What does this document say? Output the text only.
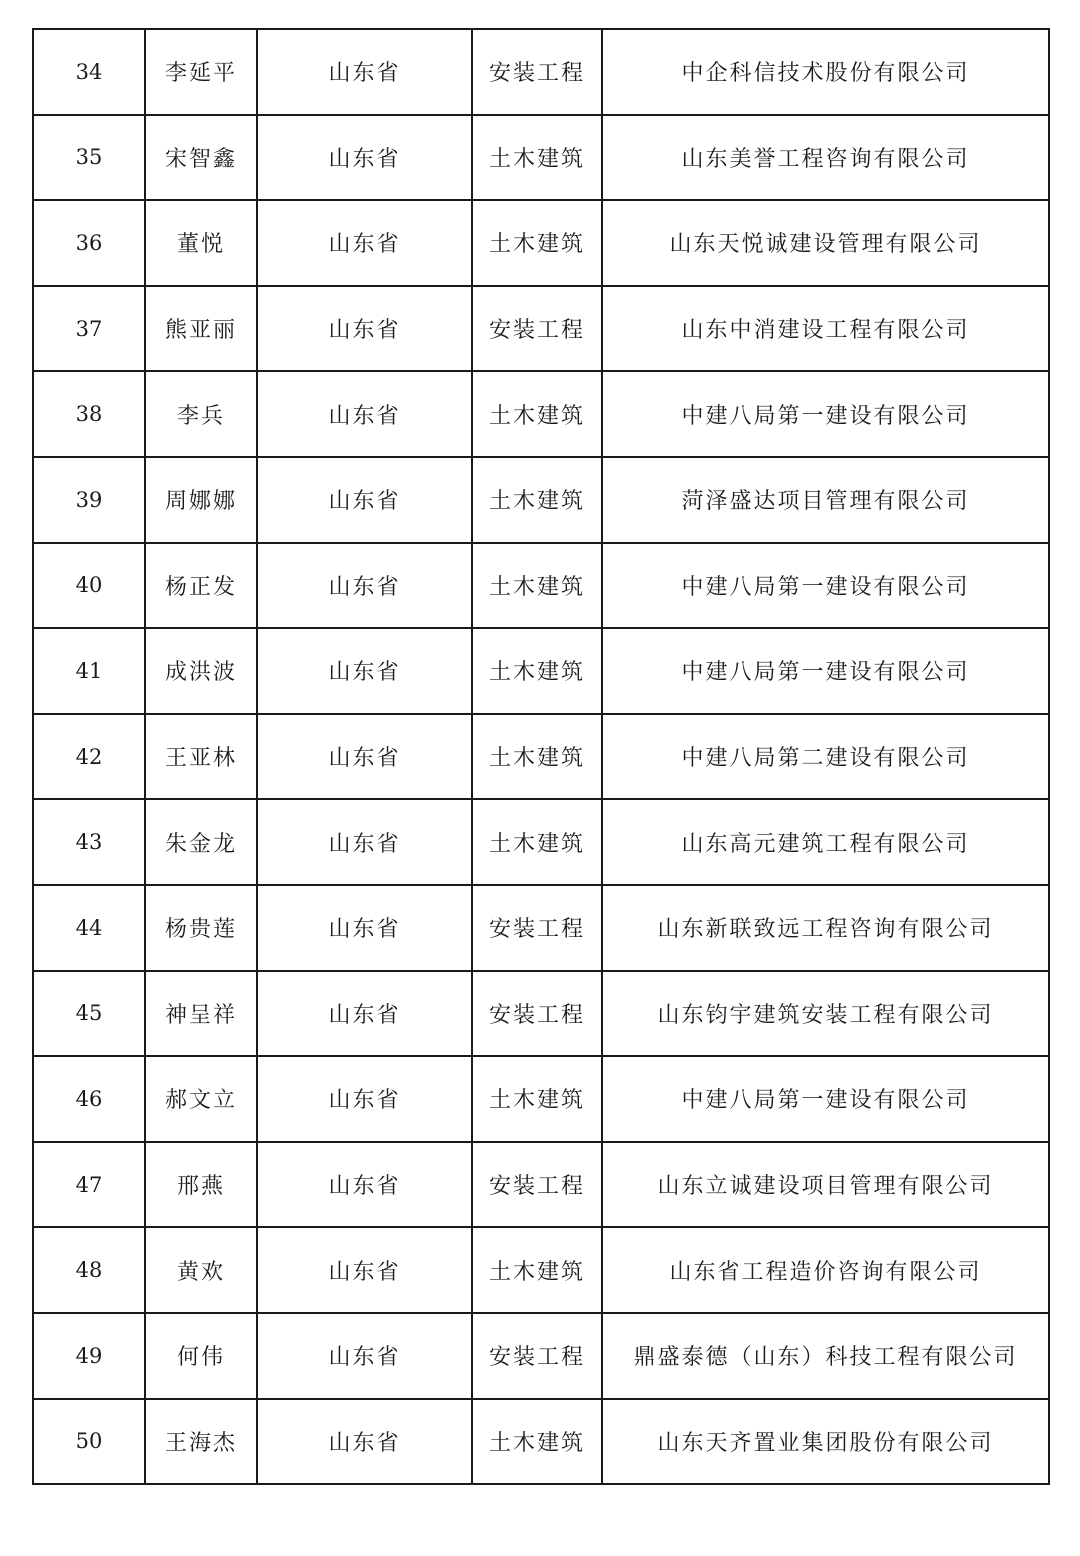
34	李延平	山东省	安装工程	中企科信技术股份有限公司
35	宋智鑫	山东省	土木建筑	山东美誉工程咨询有限公司
36	董悦	山东省	土木建筑	山东天悦诚建设管理有限公司
37	熊亚丽	山东省	安装工程	山东中消建设工程有限公司
38	李兵	山东省	土木建筑	中建八局第一建设有限公司
39	周娜娜	山东省	土木建筑	菏泽盛达项目管理有限公司
40	杨正发	山东省	土木建筑	中建八局第一建设有限公司
41	成洪波	山东省	土木建筑	中建八局第一建设有限公司
42	王亚林	山东省	土木建筑	中建八局第二建设有限公司
43	朱金龙	山东省	土木建筑	山东高元建筑工程有限公司
44	杨贵莲	山东省	安装工程	山东新联致远工程咨询有限公司
45	神呈祥	山东省	安装工程	山东钧宇建筑安装工程有限公司
46	郝文立	山东省	土木建筑	中建八局第一建设有限公司
47	邢燕	山东省	安装工程	山东立诚建设项目管理有限公司
48	黄欢	山东省	土木建筑	山东省工程造价咨询有限公司
49	何伟	山东省	安装工程	鼎盛泰德（山东）科技工程有限公司
50	王海杰	山东省	土木建筑	山东天齐置业集团股份有限公司
